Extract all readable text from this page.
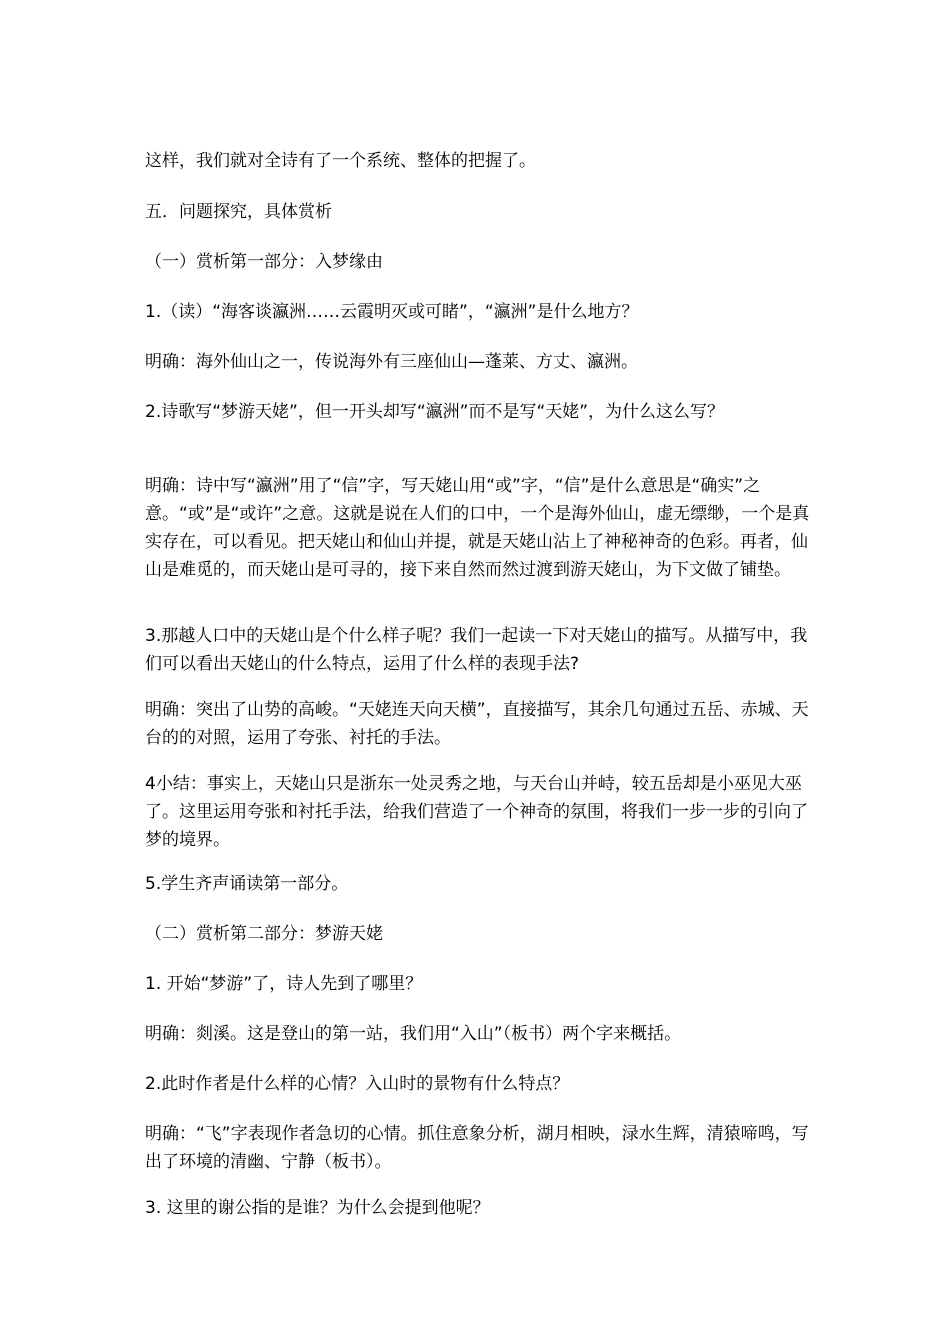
这样，我们就对全诗有了一个系统、整体的把握了。

五．问题探究，具体赏析

（一）赏析第一部分：入梦缘由

1.（读）“海客谈瀛洲……云霞明灭或可睹”，“瀛洲”是什么地方？

明确：海外仙山之一，传说海外有三座仙山—蓬莱、方丈、瀛洲。

2.诗歌写“梦游天姥”，但一开头却写“瀛洲”而不是写“天姥”，为什么这么写？

明确：诗中写“瀛洲”用了“信”字，写天姥山用“或”字，“信”是什么意思是“确实”之意。“或”是“或许”之意。这就是说在人们的口中，一个是海外仙山，虚无缥缈，一个是真实存在，可以看见。把天姥山和仙山并提，就是天姥山沾上了神秘神奇的色彩。再者，仙山是难觅的，而天姥山是可寻的，接下来自然而然过渡到游天姥山，为下文做了铺垫。

3.那越人口中的天姥山是个什么样子呢？我们一起读一下对天姥山的描写。从描写中，我们可以看出天姥山的什么特点，运用了什么样的表现手法?

明确：突出了山势的高峻。“天姥连天向天横”，直接描写，其余几句通过五岳、赤城、天台的的对照，运用了夸张、衬托的手法。

4小结：事实上，天姥山只是浙东一处灵秀之地，与天台山并峙，较五岳却是小巫见大巫了。这里运用夸张和衬托手法，给我们营造了一个神奇的氛围，将我们一步一步的引向了梦的境界。

5.学生齐声诵读第一部分。

（二）赏析第二部分：梦游天姥

1. 开始“梦游”了，诗人先到了哪里？

明确：剡溪。这是登山的第一站，我们用“入山”（板书）两个字来概括。

2.此时作者是什么样的心情？入山时的景物有什么特点？

明确：“飞”字表现作者急切的心情。抓住意象分析，湖月相映，渌水生辉，清猿啼鸣，写出了环境的清幽、宁静（板书）。

3. 这里的谢公指的是谁？为什么会提到他呢？
